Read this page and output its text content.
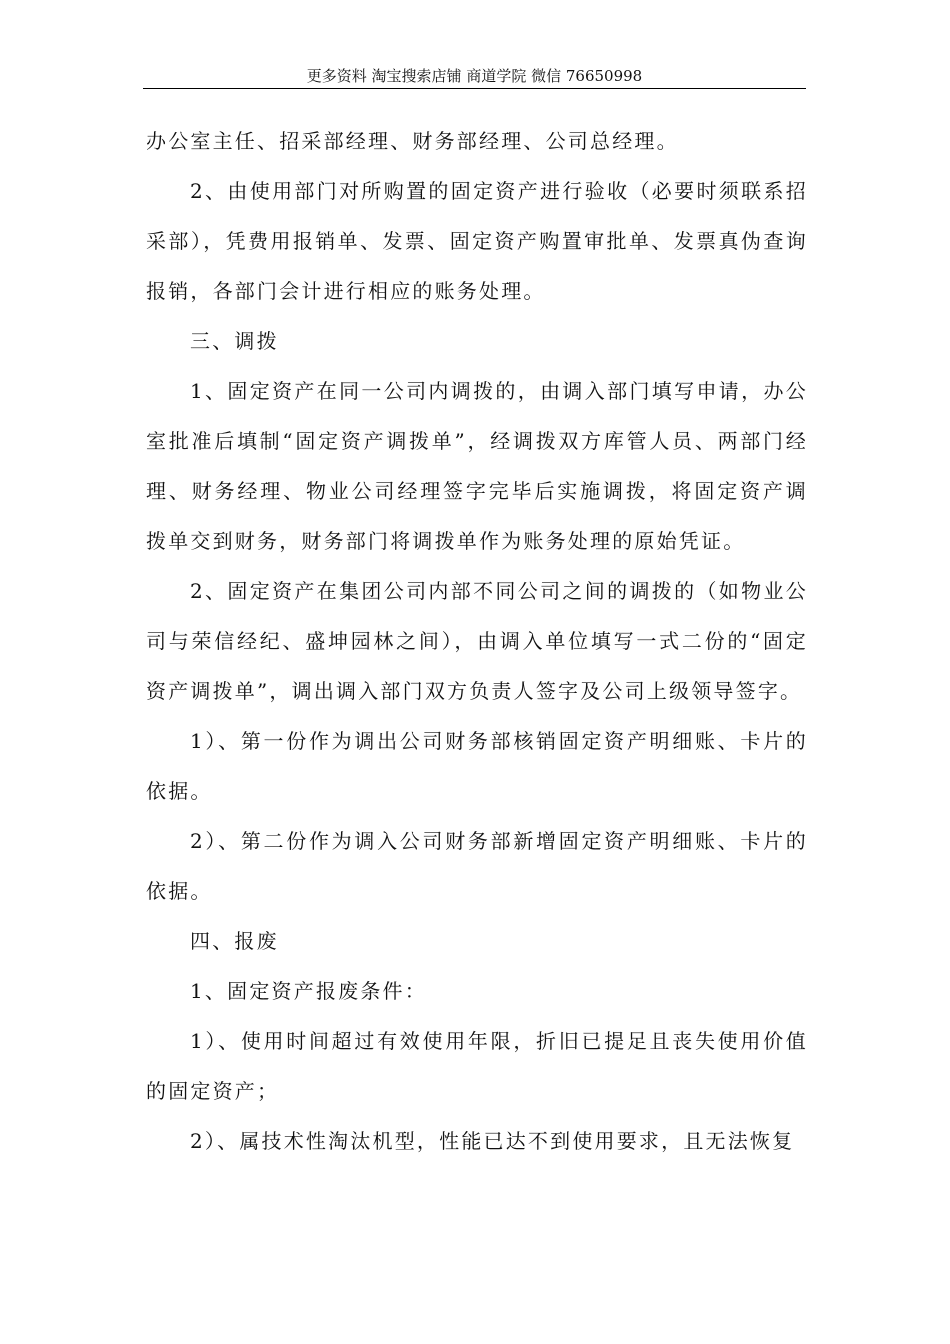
更多资料 淘宝搜索店铺 商道学院 微信 76650998

办公室主任、招采部经理、财务部经理、公司总经理。

2、由使用部门对所购置的固定资产进行验收（必要时须联系招采部），凭费用报销单、发票、固定资产购置审批单、发票真伪查询报销，各部门会计进行相应的账务处理。

三、调拨

1、固定资产在同一公司内调拨的，由调入部门填写申请，办公室批准后填制“固定资产调拨单”，经调拨双方库管人员、两部门经理、财务经理、物业公司经理签字完毕后实施调拨，将固定资产调拨单交到财务，财务部门将调拨单作为账务处理的原始凭证。

2、固定资产在集团公司内部不同公司之间的调拨的（如物业公司与荣信经纪、盛坤园林之间），由调入单位填写一式二份的“固定资产调拨单”，调出调入部门双方负责人签字及公司上级领导签字。

1）、第一份作为调出公司财务部核销固定资产明细账、卡片的依据。

2）、第二份作为调入公司财务部新增固定资产明细账、卡片的依据。

四、报废

1、固定资产报废条件：

1）、使用时间超过有效使用年限，折旧已提足且丧失使用价值的固定资产；

2）、属技术性淘汰机型，性能已达不到使用要求，且无法恢复
